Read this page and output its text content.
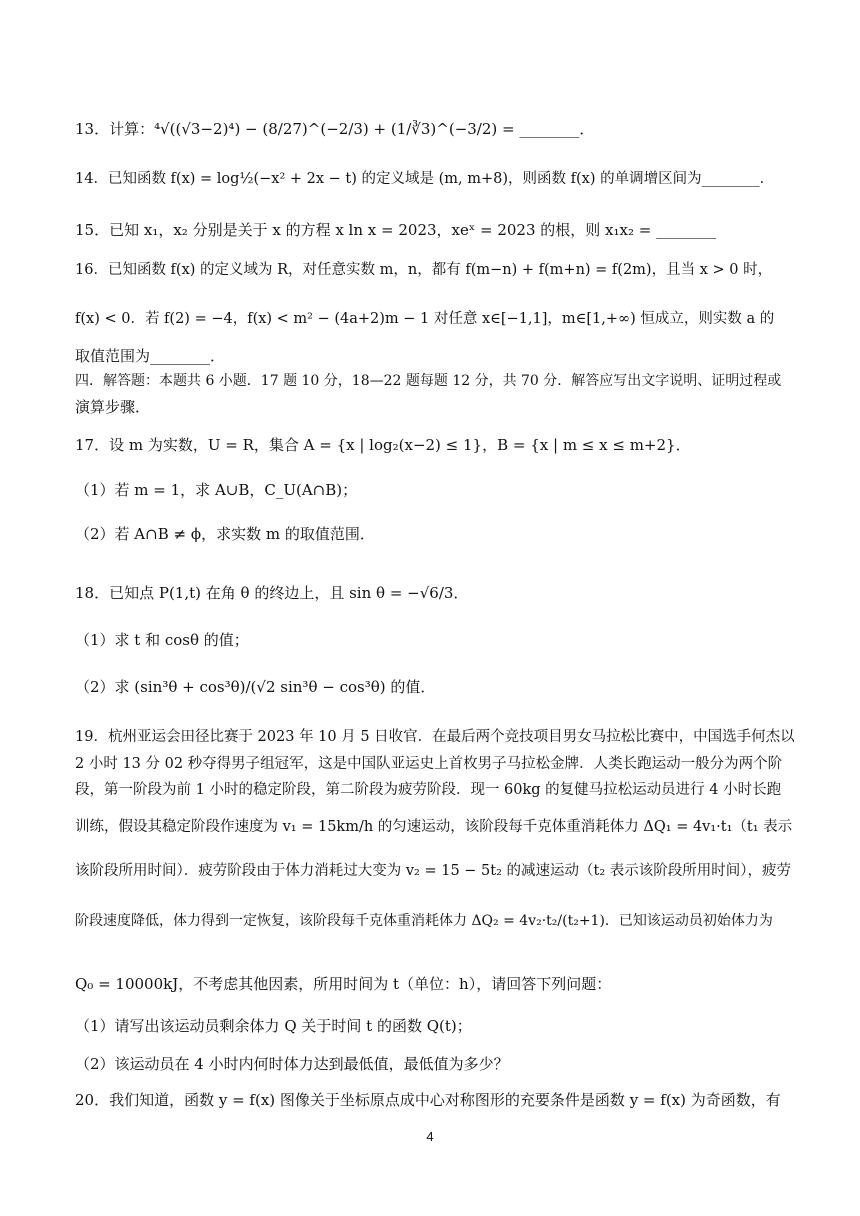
13．计算：⁴√((√3−2)⁴) − (8/27)^(−2/3) + (1/∛3)^(−3/2) = ________．
14．已知函数 f(x) = log½(−x² + 2x − t) 的定义域是 (m, m+8)，则函数 f(x) 的单调增区间为________．
15．已知 x₁，x₂ 分别是关于 x 的方程 x ln x = 2023，xeˣ = 2023 的根，则 x₁x₂ = ________
16．已知函数 f(x) 的定义域为 R，对任意实数 m，n，都有 f(m−n) + f(m+n) = f(2m)，且当 x > 0 时，
f(x) < 0．若 f(2) = −4，f(x) < m² − (4a+2)m − 1 对任意 x∈[−1,1]，m∈[1,+∞) 恒成立，则实数 a 的
取值范围为________．
四．解答题：本题共 6 小题．17 题 10 分，18—22 题每题 12 分，共 70 分．解答应写出文字说明、证明过程或
演算步骤．
17．设 m 为实数，U = R，集合 A = {x | log₂(x−2) ≤ 1}，B = {x | m ≤ x ≤ m+2}．
（1）若 m = 1，求 A∪B，C_U(A∩B)；
（2）若 A∩B ≠ ϕ，求实数 m 的取值范围．
18．已知点 P(1,t) 在角 θ 的终边上，且 sin θ = −√6/3．
（1）求 t 和 cosθ 的值；
（2）求 (sin³θ + cos³θ)/(√2 sin³θ − cos³θ) 的值．
19．杭州亚运会田径比赛于 2023 年 10 月 5 日收官．在最后两个竞技项目男女马拉松比赛中，中国选手何杰以
2 小时 13 分 02 秒夺得男子组冠军，这是中国队亚运史上首枚男子马拉松金牌．人类长跑运动一般分为两个阶
段，第一阶段为前 1 小时的稳定阶段，第二阶段为疲劳阶段．现一 60kg 的复健马拉松运动员进行 4 小时长跑
训练，假设其稳定阶段作速度为 v₁ = 15km/h 的匀速运动，该阶段每千克体重消耗体力 ΔQ₁ = 4v₁·t₁（t₁ 表示
该阶段所用时间）．疲劳阶段由于体力消耗过大变为 v₂ = 15 − 5t₂ 的减速运动（t₂ 表示该阶段所用时间），疲劳
阶段速度降低，体力得到一定恢复，该阶段每千克体重消耗体力 ΔQ₂ = 4v₂·t₂/(t₂+1)．已知该运动员初始体力为
Q₀ = 10000kJ，不考虑其他因素，所用时间为 t（单位：h），请回答下列问题：
（1）请写出该运动员剩余体力 Q 关于时间 t 的函数 Q(t)；
（2）该运动员在 4 小时内何时体力达到最低值，最低值为多少？
20．我们知道，函数 y = f(x) 图像关于坐标原点成中心对称图形的充要条件是函数 y = f(x) 为奇函数，有
4
